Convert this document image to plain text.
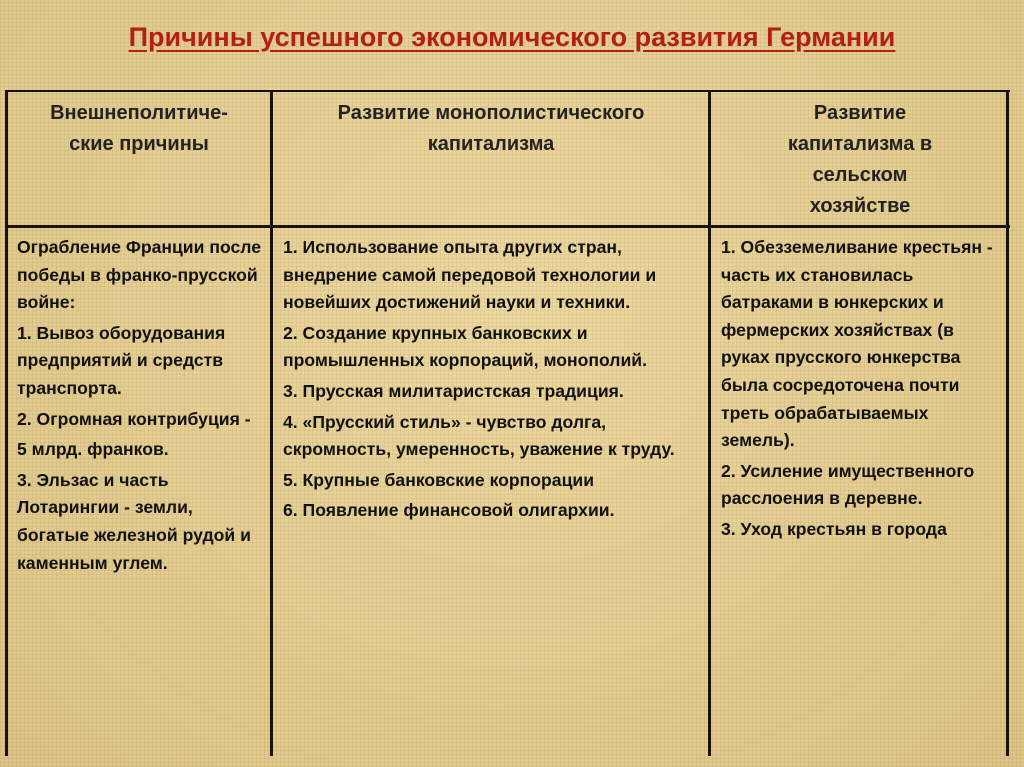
Причины успешного экономического развития Германии
Внешнеполитиче-
ские причины
Развитие монополистического
капитализма
Развитие
капитализма в
сельском
хозяйстве

Ограбление Франции после победы в франко-прусской войне:

1. Вывоз оборудования предприятий и средств транспорта.

2. Огромная контрибуция -

5 млрд. франков.

3. Эльзас и часть Лотарингии - земли, богатые железной рудой и каменным углем.

1. Использование опыта других стран, внедрение самой передовой технологии и новейших достижений науки и техники.

2. Создание крупных банковских и промышленных корпораций, монополий.

3. Прусская милитаристская традиция.

4. «Прусский стиль» - чувство долга, скромность, умеренность, уважение к труду.

5. Крупные банковские корпорации

6. Появление финансовой олигархии.

1. Обезземеливание крестьян - часть их становилась батраками в юнкерских и фермерских хозяйствах (в руках прусского юнкерства была сосредоточена почти треть обрабатываемых земель).

2. Усиление имущественного расслоения в деревне.

3. Уход крестьян в города
